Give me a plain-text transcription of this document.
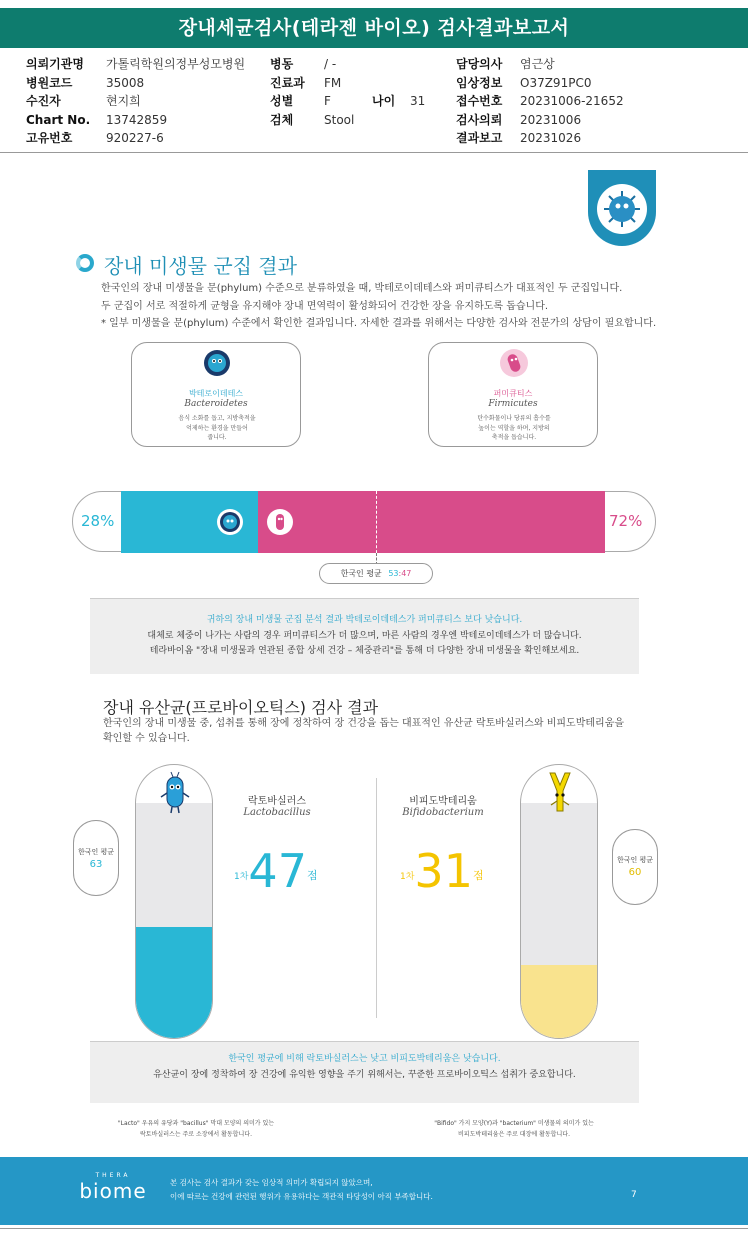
장내세균검사(테라젠 바이오) 검사결과보고서
의뢰기관명	가톨릭학원의정부성모병원
병원코드	35008
수진자	현지희
Chart No.	13742859
고유번호	920227-6
병동	/ -
진료과	FM
성별	F	나이	31
검체	Stool
담당의사	염근상
임상정보	O37Z91PC0
접수번호	20231006-21652
검사의뢰	20231006
결과보고	20231026
장내 미생물 군집 결과
한국인의 장내 미생물을 문(phylum) 수준으로 분류하였을 때, 박테로이데테스와 퍼미큐티스가 대표적인 두 군집입니다.
두 군집이 서로 적절하게 균형을 유지해야 장내 면역력이 활성화되어 건강한 장을 유지하도록 돕습니다.
* 일부 미생물을 문(phylum) 수준에서 확인한 결과입니다. 자세한 결과를 위해서는 다양한 검사와 전문가의 상담이 필요합니다.
박테로이데테스
Bacteroidetes
음식 소화를 돕고, 지방축적을
억제하는 환경을 만들어
줍니다.
퍼미큐티스
Firmicutes
탄수화물이나 당류의 흡수를
높이는 역할을 하며, 지방의
축적을 돕습니다.
28%	72%
한국인 평균 53:47
귀하의 장내 미생물 군집 분석 결과 박테로이데테스가 퍼미큐티스 보다 낮습니다.
대체로 체중이 나가는 사람의 경우 퍼미큐티스가 더 많으며, 마른 사람의 경우엔 박테로이데테스가 더 많습니다.
테라바이옴 "장내 미생물과 연관된 종합 상세 건강 – 체중관리"를 통해 더 다양한 장내 미생물을 확인해보세요.
장내 유산균(프로바이오틱스) 검사 결과
한국인의 장내 미생물 중, 섭취를 통해 장에 정착하여 장 건강을 돕는 대표적인 유산균 락토바실러스와 비피도박테리움을
확인할 수 있습니다.
한국인 평균
63
락토바실러스
Lactobacillus
$^{1차}47^점$
한국인 평균
60
비피도박테리움
Bifidobacterium
$^{1차}31^점$
한국인 평균에 비해 락토바실러스는 낮고 비피도박테리움은 낮습니다.
유산균이 장에 정착하여 장 건강에 유익한 영향을 주기 위해서는, 꾸준한 프로바이오틱스 섭취가 중요합니다.
"Lacto" 우유의 유당과 "bacillus" 막대 모양의 의미가 있는
락토바실러스는 주로 소장에서 활동합니다.
"Bifido" 가지 모양(Y)과 "bacterium" 미생물의 의미가 있는
비피도박테리움은 주로 대장에 활동합니다.
THERA
biome	본 검사는 검사 결과가 갖는 임상적 의미가 확립되지 않았으며,
이에 따르는 건강에 관련된 행위가 유용하다는 객관적 타당성이 아직 부족합니다.	7
